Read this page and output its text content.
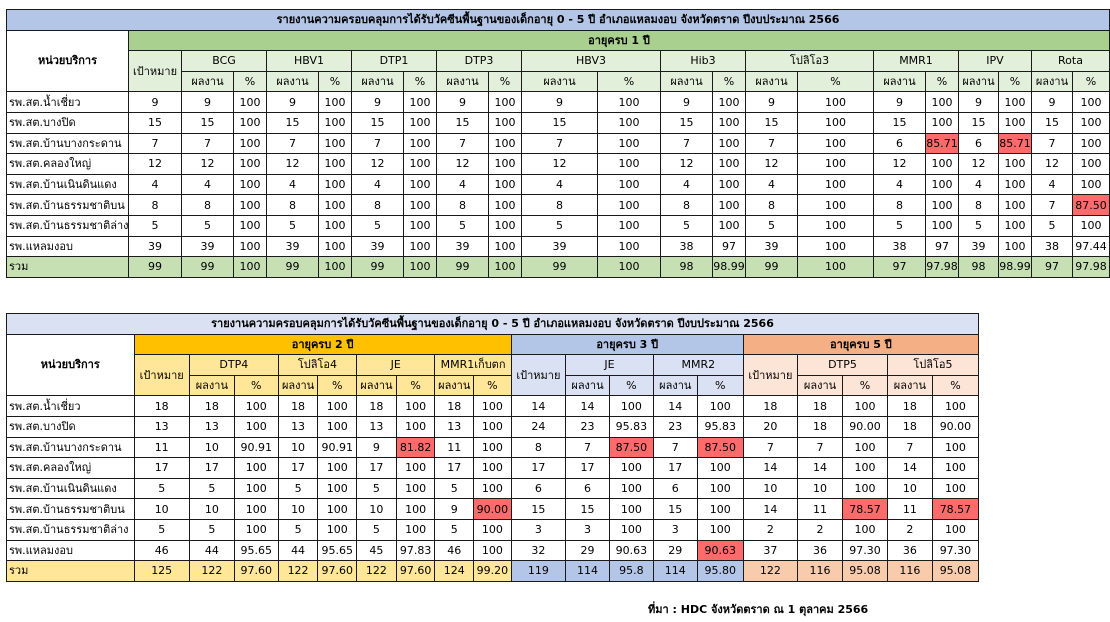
รายงานความครอบคลุมการได้รับวัคซีนพื้นฐานของเด็กอายุ 0 - 5 ปี อำเภอแหลมงอบ จังหวัดตราด ปีงบประมาณ 2566																					
หน่วยบริการ	อายุครบ 1 ปี																				
	เป้าหมาย	BCG		HBV1		DTP1		DTP3		HBV3		Hib3		โปลิโอ3		MMR1		IPV		Rota	
		ผลงาน	%	ผลงาน	%	ผลงาน	%	ผลงาน	%	ผลงาน	%	ผลงาน	%	ผลงาน	%	ผลงาน	%	ผลงาน	%	ผลงาน	%
รพ.สต.น้ำเชี่ยว	9	9	100	9	100	9	100	9	100	9	100	9	100	9	100	9	100	9	100	9	100
รพ.สต.บางปิด	15	15	100	15	100	15	100	15	100	15	100	15	100	15	100	15	100	15	100	15	100
รพ.สต.บ้านบางกระดาน	7	7	100	7	100	7	100	7	100	7	100	7	100	7	100	6	85.71	6	85.71	7	100
รพ.สต.คลองใหญ่	12	12	100	12	100	12	100	12	100	12	100	12	100	12	100	12	100	12	100	12	100
รพ.สต.บ้านเนินดินแดง	4	4	100	4	100	4	100	4	100	4	100	4	100	4	100	4	100	4	100	4	100
รพ.สต.บ้านธรรมชาติบน	8	8	100	8	100	8	100	8	100	8	100	8	100	8	100	8	100	8	100	7	87.50
รพ.สต.บ้านธรรมชาติล่าง	5	5	100	5	100	5	100	5	100	5	100	5	100	5	100	5	100	5	100	5	100
รพ.แหลมงอบ	39	39	100	39	100	39	100	39	100	39	100	38	97	39	100	38	97	39	100	38	97.44
รวม	99	99	100	99	100	99	100	99	100	99	100	98	98.99	99	100	97	97.98	98	98.99	97	97.98
รายงานความครอบคลุมการได้รับวัคซีนพื้นฐานของเด็กอายุ 0 - 5 ปี อำเภอแหลมงอบ จังหวัดตราด ปีงบประมาณ 2566																			
หน่วยบริการ	อายุครบ 2 ปี									อายุครบ 3 ปี					อายุครบ 5 ปี				
	เป้าหมาย	DTP4		โปลิโอ4		JE		MMR1เก็บตก		เป้าหมาย	JE		MMR2		เป้าหมาย	DTP5		โปลิโอ5	
		ผลงาน	%	ผลงาน	%	ผลงาน	%	ผลงาน	%		ผลงาน	%	ผลงาน	%		ผลงาน	%	ผลงาน	%
รพ.สต.น้ำเชี่ยว	18	18	100	18	100	18	100	18	100	14	14	100	14	100	18	18	100	18	100
รพ.สต.บางปิด	13	13	100	13	100	13	100	13	100	24	23	95.83	23	95.83	20	18	90.00	18	90.00
รพ.สต.บ้านบางกระดาน	11	10	90.91	10	90.91	9	81.82	11	100	8	7	87.50	7	87.50	7	7	100	7	100
รพ.สต.คลองใหญ่	17	17	100	17	100	17	100	17	100	17	17	100	17	100	14	14	100	14	100
รพ.สต.บ้านเนินดินแดง	5	5	100	5	100	5	100	5	100	6	6	100	6	100	10	10	100	10	100
รพ.สต.บ้านธรรมชาติบน	10	10	100	10	100	10	100	9	90.00	15	15	100	15	100	14	11	78.57	11	78.57
รพ.สต.บ้านธรรมชาติล่าง	5	5	100	5	100	5	100	5	100	3	3	100	3	100	2	2	100	2	100
รพ.แหลมงอบ	46	44	95.65	44	95.65	45	97.83	46	100	32	29	90.63	29	90.63	37	36	97.30	36	97.30
รวม	125	122	97.60	122	97.60	122	97.60	124	99.20	119	114	95.8	114	95.80	122	116	95.08	116	95.08
ที่มา : HDC จังหวัดตราด ณ 1 ตุลาคม 2566
